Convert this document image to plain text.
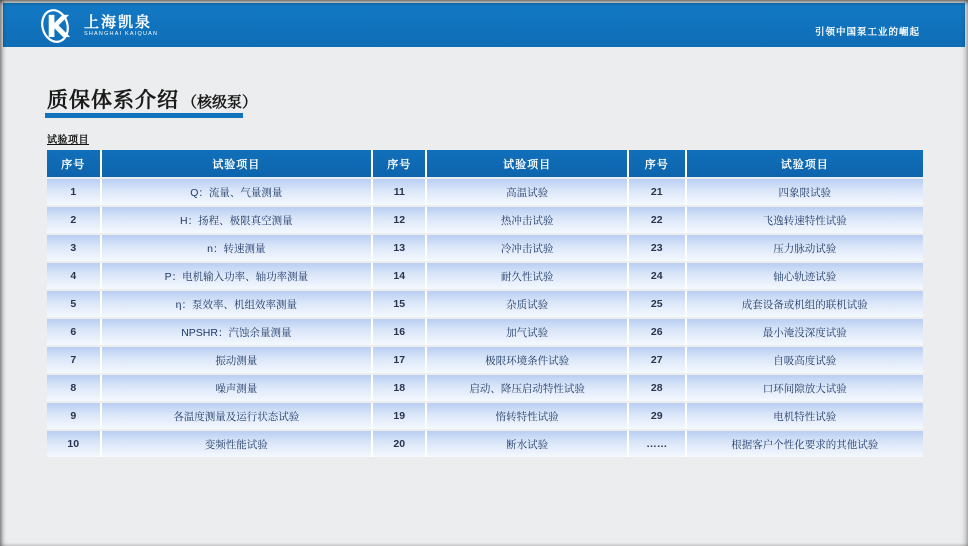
K 上海凯泉
SHANGHAI KAIQUAN	引领中国泵工业的崛起
质保体系介绍 （核级泵）
试验项目
序号	试验项目	序号	试验项目	序号	试验项目
1	Q：流量、气量测量	11	高温试验	21	四象限试验
2	H：扬程、极限真空测量	12	热冲击试验	22	飞逸转速特性试验
3	n：转速测量	13	冷冲击试验	23	压力脉动试验
4	P：电机输入功率、轴功率测量	14	耐久性试验	24	轴心轨迹试验
5	η：泵效率、机组效率测量	15	杂质试验	25	成套设备或机组的联机试验
6	NPSHR：汽蚀余量测量	16	加气试验	26	最小淹没深度试验
7	振动测量	17	极限环境条件试验	27	自吸高度试验
8	噪声测量	18	启动、降压启动特性试验	28	口环间隙放大试验
9	各温度测量及运行状态试验	19	惰转特性试验	29	电机特性试验
10	变频性能试验	20	断水试验	……	根据客户个性化要求的其他试验
